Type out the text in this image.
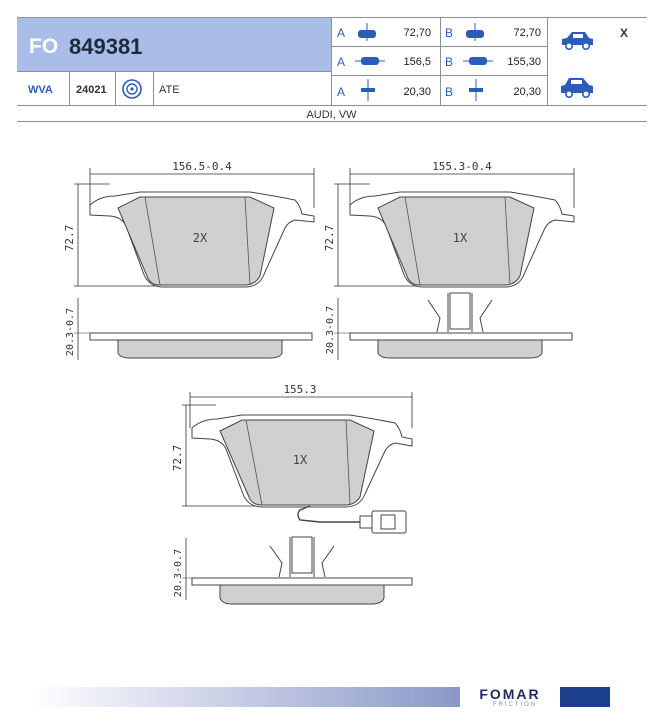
FO 849381
WVA 24021	ATE
A	72,70 B	72,70
A	156,5 B	155,30
A	20,30 B	20,30
X
AUDI, VW
156.5-0.4
72.7	2X
20.3-0.7
155.3-0.4
72.7	1X
20.3-0.7
155.3
72.7	1X
20.3-0.7
FOMAR
FRICTION
